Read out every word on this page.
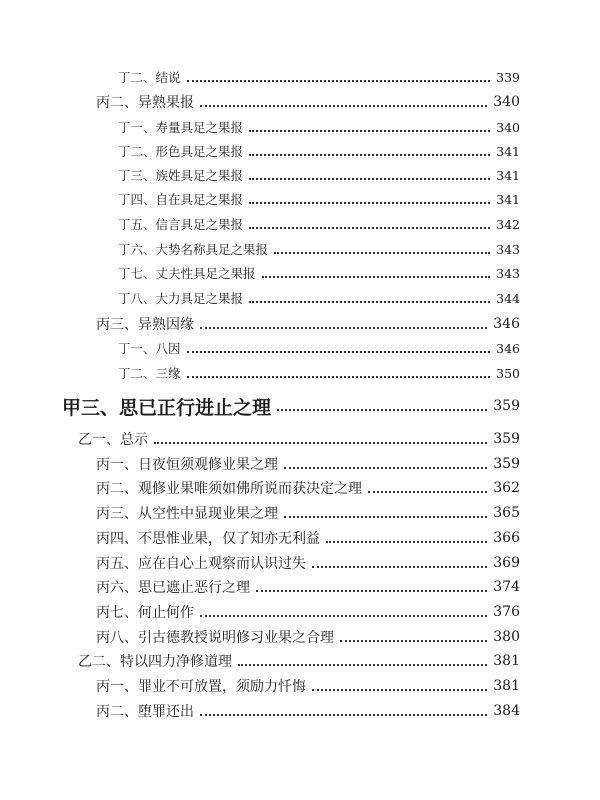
丁二、结说	339
丙二、异熟果报	340
丁一、寿量具足之果报	340
丁二、形色具足之果报	341
丁三、族姓具足之果报	341
丁四、自在具足之果报	341
丁五、信言具足之果报	342
丁六、大势名称具足之果报	343
丁七、丈夫性具足之果报	343
丁八、大力具足之果报	344
丙三、异熟因缘	346
丁一、八因	346
丁二、三缘	350
甲三、思已正行进止之理	359
乙一、总示	359
丙一、日夜恒须观修业果之理	359
丙二、观修业果唯须如佛所说而获决定之理	362
丙三、从空性中显现业果之理	365
丙四、不思惟业果，仅了知亦无利益	366
丙五、应在自心上观察而认识过失	369
丙六、思已遮止恶行之理	374
丙七、何止何作	376
丙八、引古德教授说明修习业果之合理	380
乙二、特以四力净修道理	381
丙一、罪业不可放置，须励力忏悔	381
丙二、堕罪还出	384
